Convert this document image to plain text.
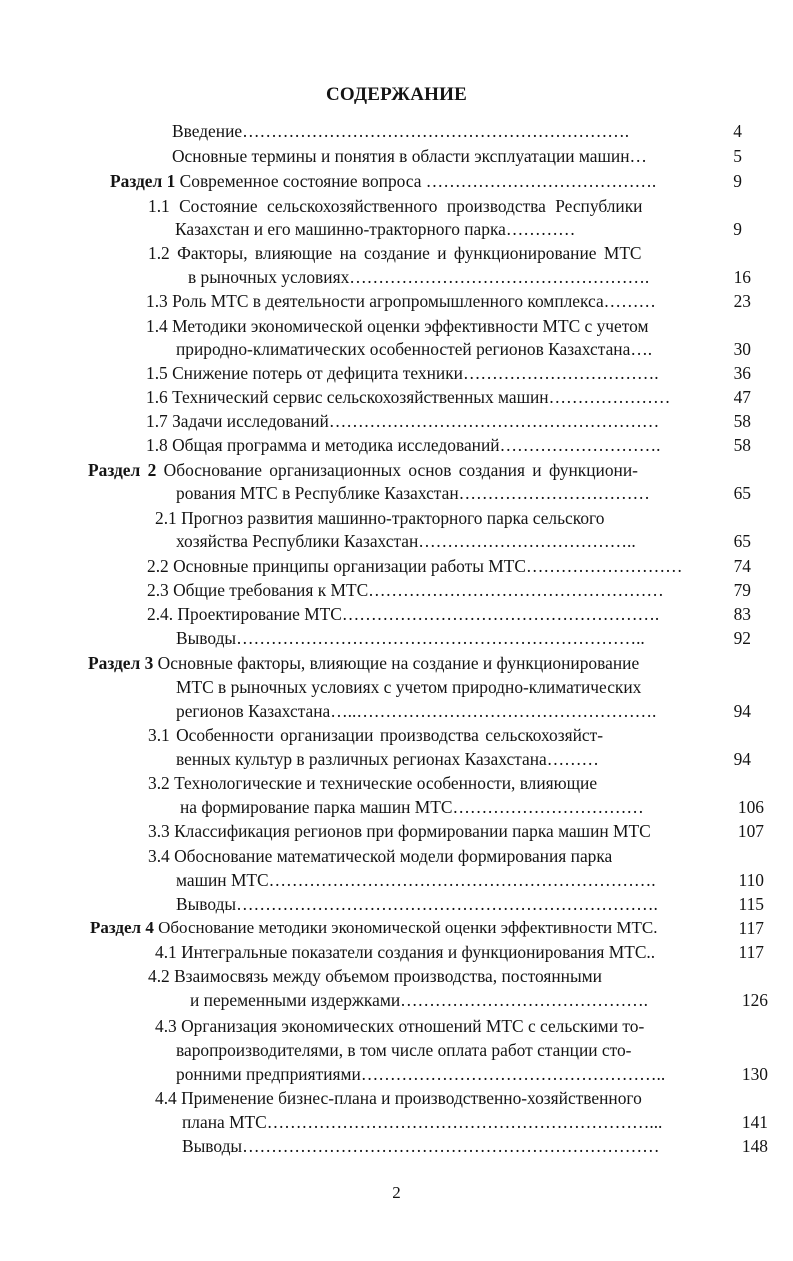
СОДЕРЖАНИЕ
Введение………………………………………………………….	4
Основные термины и понятия в области эксплуатации машин…	5
Раздел 1 Современное состояние вопроса ………………………………….	9
1.1 Состояние сельскохозяйственного производства Республики
Казахстан и его машинно-тракторного парка…………	9
1.2 Факторы, влияющие на создание и функционирование МТС
в рыночных условиях…………………………………………….	16
1.3 Роль МТС в деятельности агропромышленного комплекса………	23
1.4 Методики экономической оценки эффективности МТС с учетом
природно-климатических особенностей регионов Казахстана….	30
1.5 Снижение потерь от дефицита техники…………………………….	36
1.6 Технический сервис сельскохозяйственных машин…………………	47
1.7 Задачи исследований…………………………………………………	58
1.8 Общая программа и методика исследований……………………….	58
Раздел 2 Обоснование организационных основ создания и функциони-
рования МТС в Республике Казахстан……………………………	65
2.1 Прогноз развития машинно-тракторного парка сельского
хозяйства Республики Казахстан………………………………..	65
2.2 Основные принципы организации работы МТС………………………	74
2.3 Общие требования к МТС……………………………………………	79
2.4. Проектирование МТС……………………………………………….	83
Выводы……………………………………………………………..	92
Раздел 3 Основные факторы, влияющие на создание и функционирование
МТС в рыночных условиях с учетом природно-климатических
регионов Казахстана…..…………………………………………….	94
3.1 Особенности организации производства сельскохозяйст-
венных культур в различных регионах Казахстана………	94
3.2 Технологические и технические особенности, влияющие
на формирование парка машин МТС……………………………	106
3.3 Классификация регионов при формировании парка машин МТС	107
3.4 Обоснование математической модели формирования парка
машин МТС………………………………………………………….	110
Выводы……………………………………………………………….	115
Раздел 4 Обоснование методики экономической оценки эффективности МТС.	117
4.1 Интегральные показатели создания и функционирования МТС..	117
4.2 Взаимосвязь между объемом производства, постоянными
и переменными издержками…………………………………….	126
4.3 Организация экономических отношений МТС с сельскими то-
варопроизводителями, в том числе оплата работ станции сто-
ронними предприятиями……………………………………………..	130
4.4 Применение бизнес-плана и производственно-хозяйственного
плана МТС…………………………………………………………...	141
Выводы………………………………………………………………	148
2
